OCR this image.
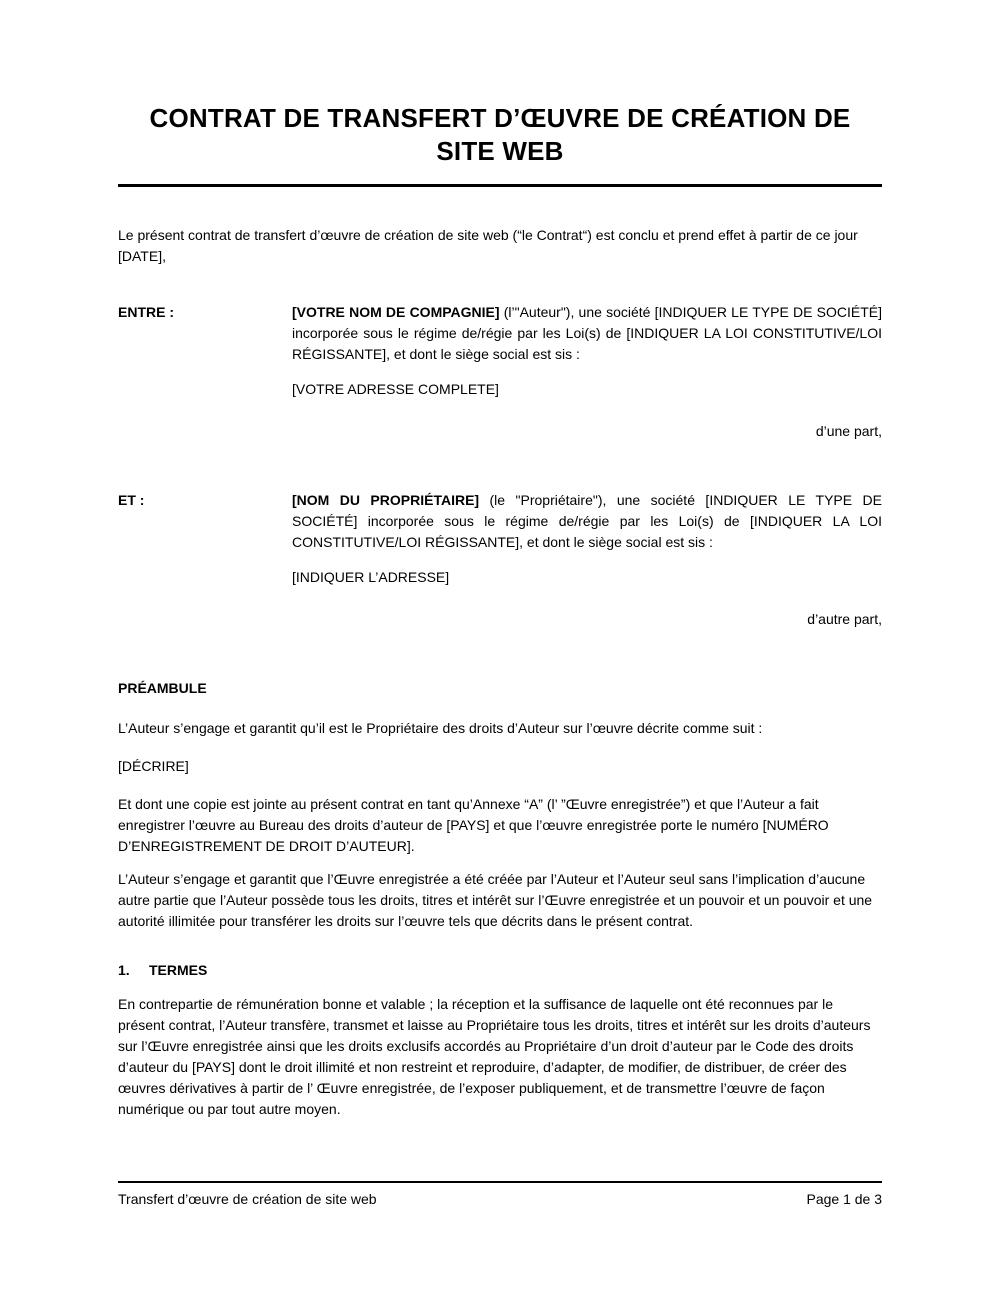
CONTRAT DE TRANSFERT D’ŒUVRE DE CRÉATION DE SITE WEB

Le présent contrat de transfert d’œuvre de création de site web (“le Contrat“) est conclu et prend effet à partir de ce jour [DATE],

ENTRE :	[VOTRE NOM DE COMPAGNIE] (l’"Auteur"), une société [INDIQUER LE TYPE DE SOCIÉTÉ] incorporée sous le régime de/régie par les Loi(s) de [INDIQUER LA LOI CONSTITUTIVE/LOI RÉGISSANTE], et dont le siège social est sis :

[VOTRE ADRESSE COMPLETE]

d’une part,

ET :	[NOM DU PROPRIÉTAIRE] (le "Propriétaire"), une société [INDIQUER LE TYPE DE SOCIÉTÉ] incorporée sous le régime de/régie par les Loi(s) de [INDIQUER LA LOI CONSTITUTIVE/LOI RÉGISSANTE], et dont le siège social est sis :

[INDIQUER L’ADRESSE]

d’autre part,

PRÉAMBULE

L’Auteur s’engage et garantit qu’il est le Propriétaire des droits d’Auteur sur l’œuvre décrite comme suit :

[DÉCRIRE]

Et dont une copie est jointe au présent contrat en tant qu’Annexe “A” (l’ ”Œuvre enregistrée”) et que l’Auteur a fait enregistrer l’œuvre au Bureau des droits d’auteur de [PAYS] et que l’œuvre enregistrée porte le numéro [NUMÉRO D’ENREGISTREMENT DE DROIT D’AUTEUR].

L’Auteur s’engage et garantit que l’Œuvre enregistrée a été créée par l’Auteur et l’Auteur seul sans l’implication d’aucune autre partie que l’Auteur possède tous les droits, titres et intérêt sur l’Œuvre enregistrée et un pouvoir et un pouvoir et une autorité illimitée pour transférer les droits sur l’œuvre tels que décrits dans le présent contrat.

1.	TERMES

En contrepartie de rémunération bonne et valable ; la réception et la suffisance de laquelle ont été reconnues par le présent contrat, l’Auteur transfère, transmet et laisse au Propriétaire tous les droits, titres et intérêt sur les droits d’auteurs sur l’Œuvre enregistrée ainsi que les droits exclusifs accordés au Propriétaire d’un droit d’auteur par le Code des droits d’auteur du [PAYS] dont le droit illimité et non restreint et reproduire, d’adapter, de modifier, de distribuer, de créer des œuvres dérivatives à partir de l’ Œuvre enregistrée, de l’exposer publiquement, et de transmettre l’œuvre de façon numérique ou par tout autre moyen.

Transfert d’œuvre de création de site web	Page 1 de 3
